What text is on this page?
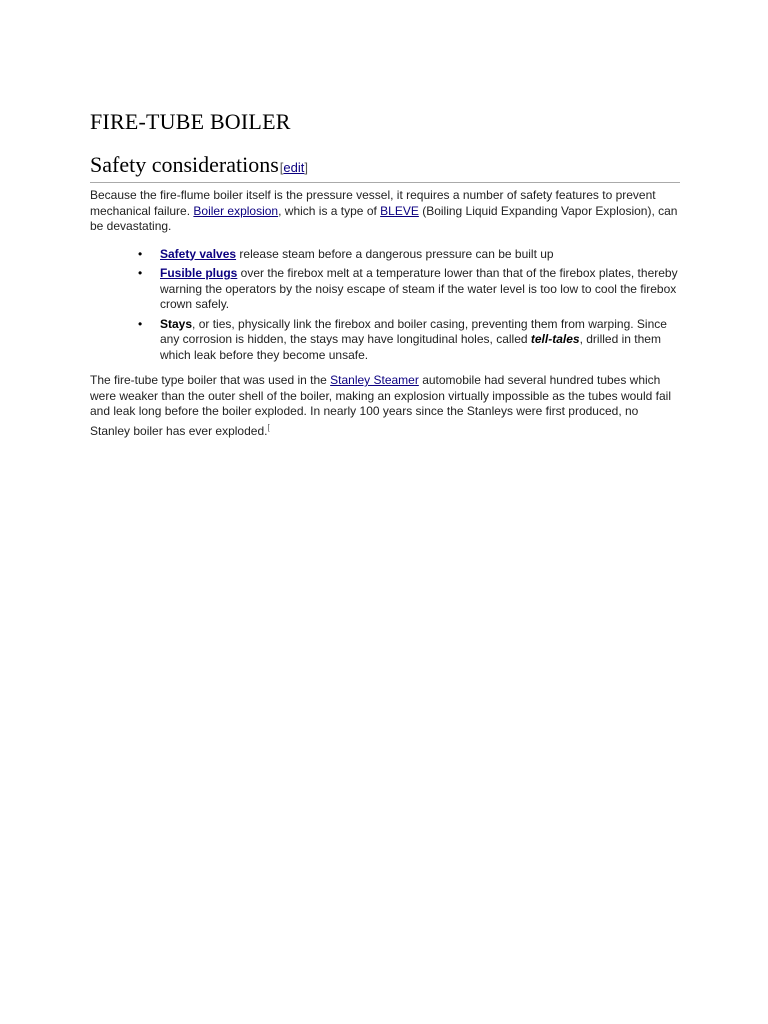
FIRE-TUBE BOILER
Safety considerations [edit]

Because the fire-flume boiler itself is the pressure vessel, it requires a number of safety features to prevent mechanical failure. Boiler explosion, which is a type of BLEVE (Boiling Liquid Expanding Vapor Explosion), can be devastating.

• Safety valves release steam before a dangerous pressure can be built up
• Fusible plugs over the firebox melt at a temperature lower than that of the firebox plates, thereby warning the operators by the noisy escape of steam if the water level is too low to cool the firebox crown safely.
• Stays, or ties, physically link the firebox and boiler casing, preventing them from warping. Since any corrosion is hidden, the stays may have longitudinal holes, called tell-tales, drilled in them which leak before they become unsafe.

The fire-tube type boiler that was used in the Stanley Steamer automobile had several hundred tubes which were weaker than the outer shell of the boiler, making an explosion virtually impossible as the tubes would fail and leak long before the boiler exploded. In nearly 100 years since the Stanleys were first produced, no Stanley boiler has ever exploded.[
